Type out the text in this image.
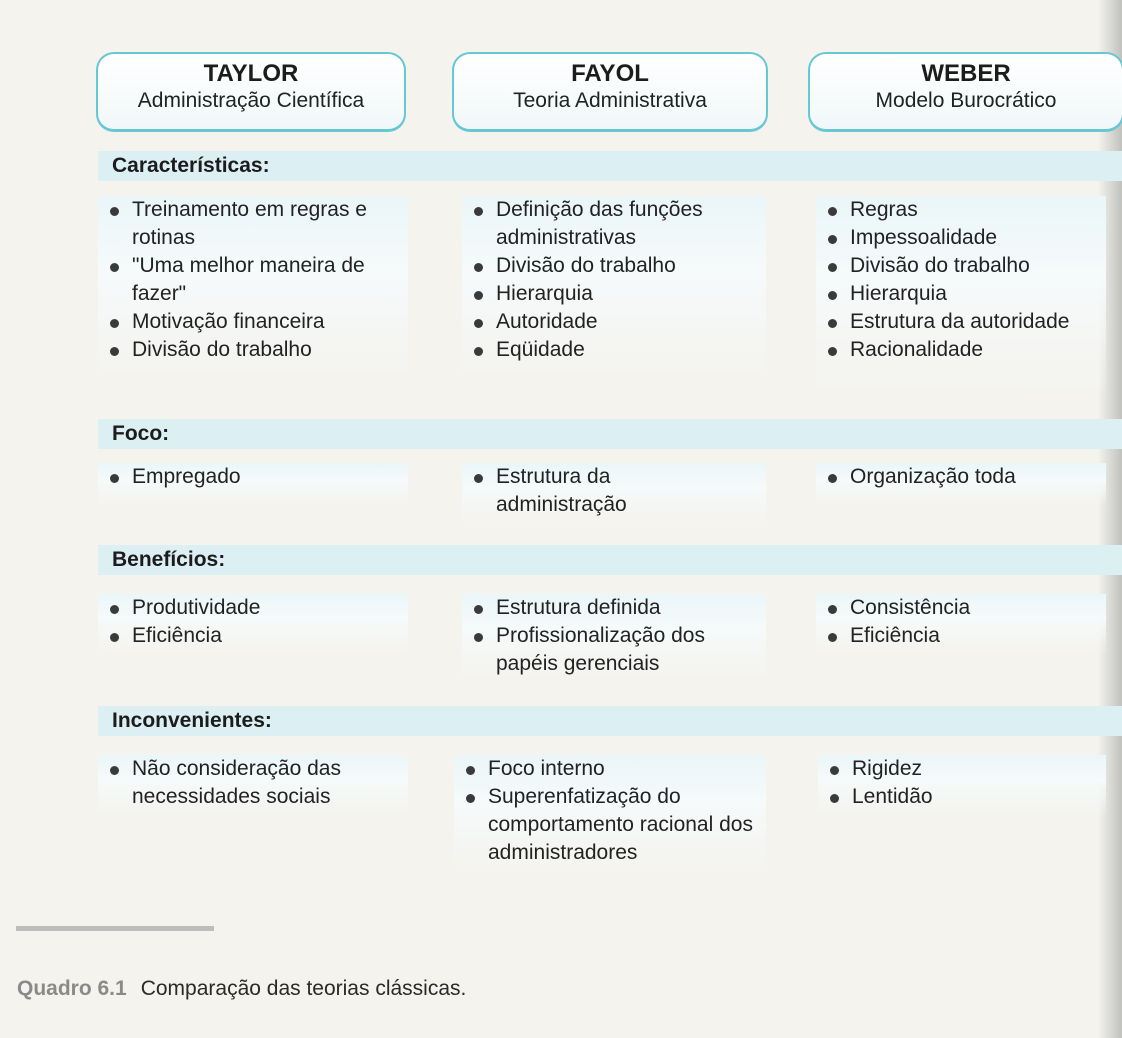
TAYLOR
Administração Científica
FAYOL
Teoria Administrativa
WEBER
Modelo Burocrático
Características:
Treinamento em regras e rotinas
"Uma melhor maneira de fazer"
Motivação financeira
Divisão do trabalho
Definição das funções administrativas
Divisão do trabalho
Hierarquia
Autoridade
Eqüidade
Regras
Impessoalidade
Divisão do trabalho
Hierarquia
Estrutura da autoridade
Racionalidade
Foco:
Empregado	Estrutura da administração
Organização toda
Benefícios:
Produtividade
Eficiência
Estrutura definida
Profissionalização dos papéis gerenciais
Consistência
Eficiência
Inconvenientes:
Não consideração das necessidades sociais
Foco interno
Superenfatização do comportamento racional dos administradores
Rigidez
Lentidão
Quadro 6.1 Comparação das teorias clássicas.
